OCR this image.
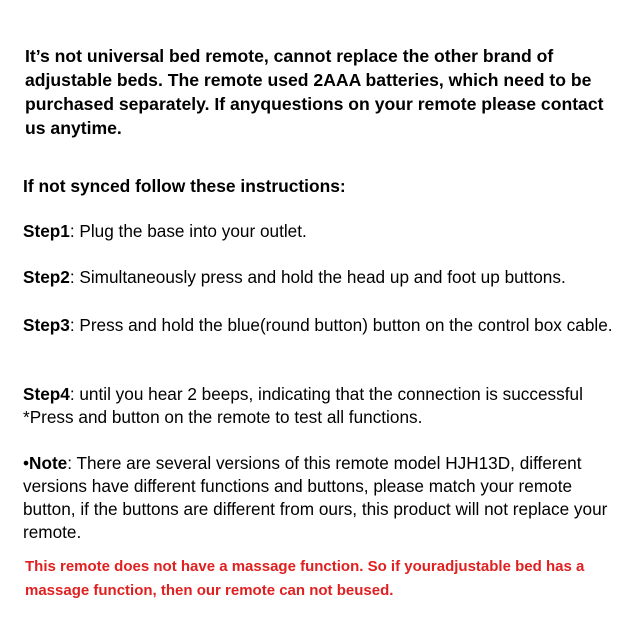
It’s not universal bed remote, cannot replace the other brand of adjustable beds. The remote used 2AAA batteries, which need to be purchased separately. If anyquestions on your remote please contact us anytime.
If not synced follow these instructions:
Step1: Plug the base into your outlet.
Step2: Simultaneously press and hold the head up and foot up buttons.
Step3: Press and hold the blue(round button) button on the control box cable.
Step4: until you hear 2 beeps, indicating that the connection is successful *Press and button on the remote to test all functions.
•Note: There are several versions of this remote model HJH13D, different versions have different functions and buttons, please match your remote button, if the buttons are different from ours, this product will not replace your remote.
This remote does not have a massage function. So if youradjustable bed has a massage function, then our remote can not beused.
